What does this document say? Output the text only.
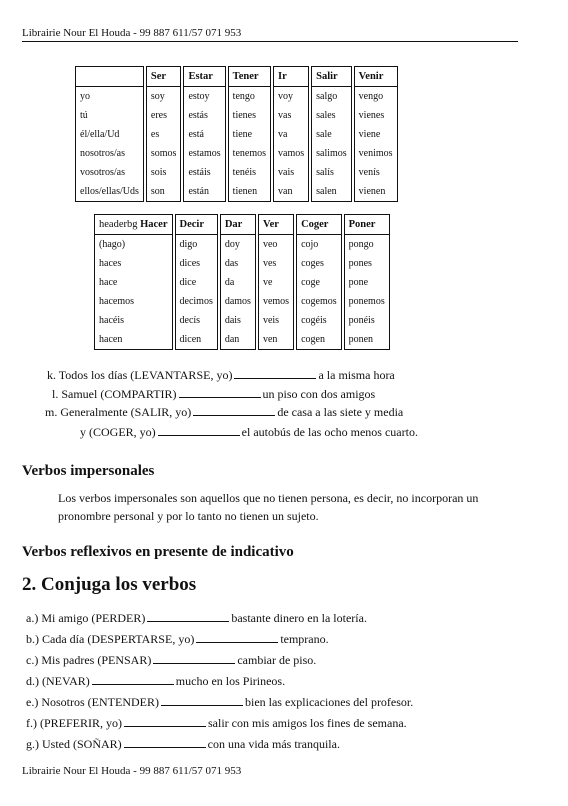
Librairie Nour El Houda - 99 887 611/57 071 953
	Ser	Estar	Tener	Ir	Salir	Venir
yo	soy	estoy	tengo	voy	salgo	vengo
tú	eres	estás	tienes	vas	sales	vienes
él/ella/Ud	es	está	tiene	va	sale	viene
nosotros/as	somos	estamos	tenemos	vamos	salimos	venimos
vosotros/as	sois	estáis	tenéis	vais	salís	venís
ellos/ellas/Uds	son	están	tienen	van	salen	vienen
headerbg Hacer	Decir	Dar	Ver	Coger	Poner
(hago)	digo	doy	veo	cojo	pongo
haces	dices	das	ves	coges	pones
hace	dice	da	ve	coge	pone
hacemos	decimos	damos	vemos	cogemos	ponemos
hacéis	decís	dais	veis	cogéis	ponéis
hacen	dicen	dan	ven	cogen	ponen
k. Todos los días (LEVANTARSE, yo)	a la misma hora
l. Samuel (COMPARTIR)	un piso con dos amigos
m. Generalmente (SALIR, yo)	de casa a las siete y media
y (COGER, yo)	el autobús de las ocho menos cuarto.
Verbos impersonales
Los verbos impersonales son aquellos que no tienen persona, es decir, no incorporan un pronombre personal y por lo tanto no tienen un sujeto.
Verbos reflexivos en presente de indicativo
2. Conjuga los verbos
a.) Mi amigo (PERDER)	bastante dinero en la lotería.
b.) Cada día (DESPERTARSE, yo)	temprano.
c.) Mis padres (PENSAR)	cambiar de piso.
d.) (NEVAR)	mucho en los Pirineos.
e.) Nosotros (ENTENDER)	bien las explicaciones del profesor.
f.) (PREFERIR, yo)	salir con mis amigos los fines de semana.
g.) Usted (SOÑAR)	con una vida más tranquila.
Librairie Nour El Houda - 99 887 611/57 071 953
